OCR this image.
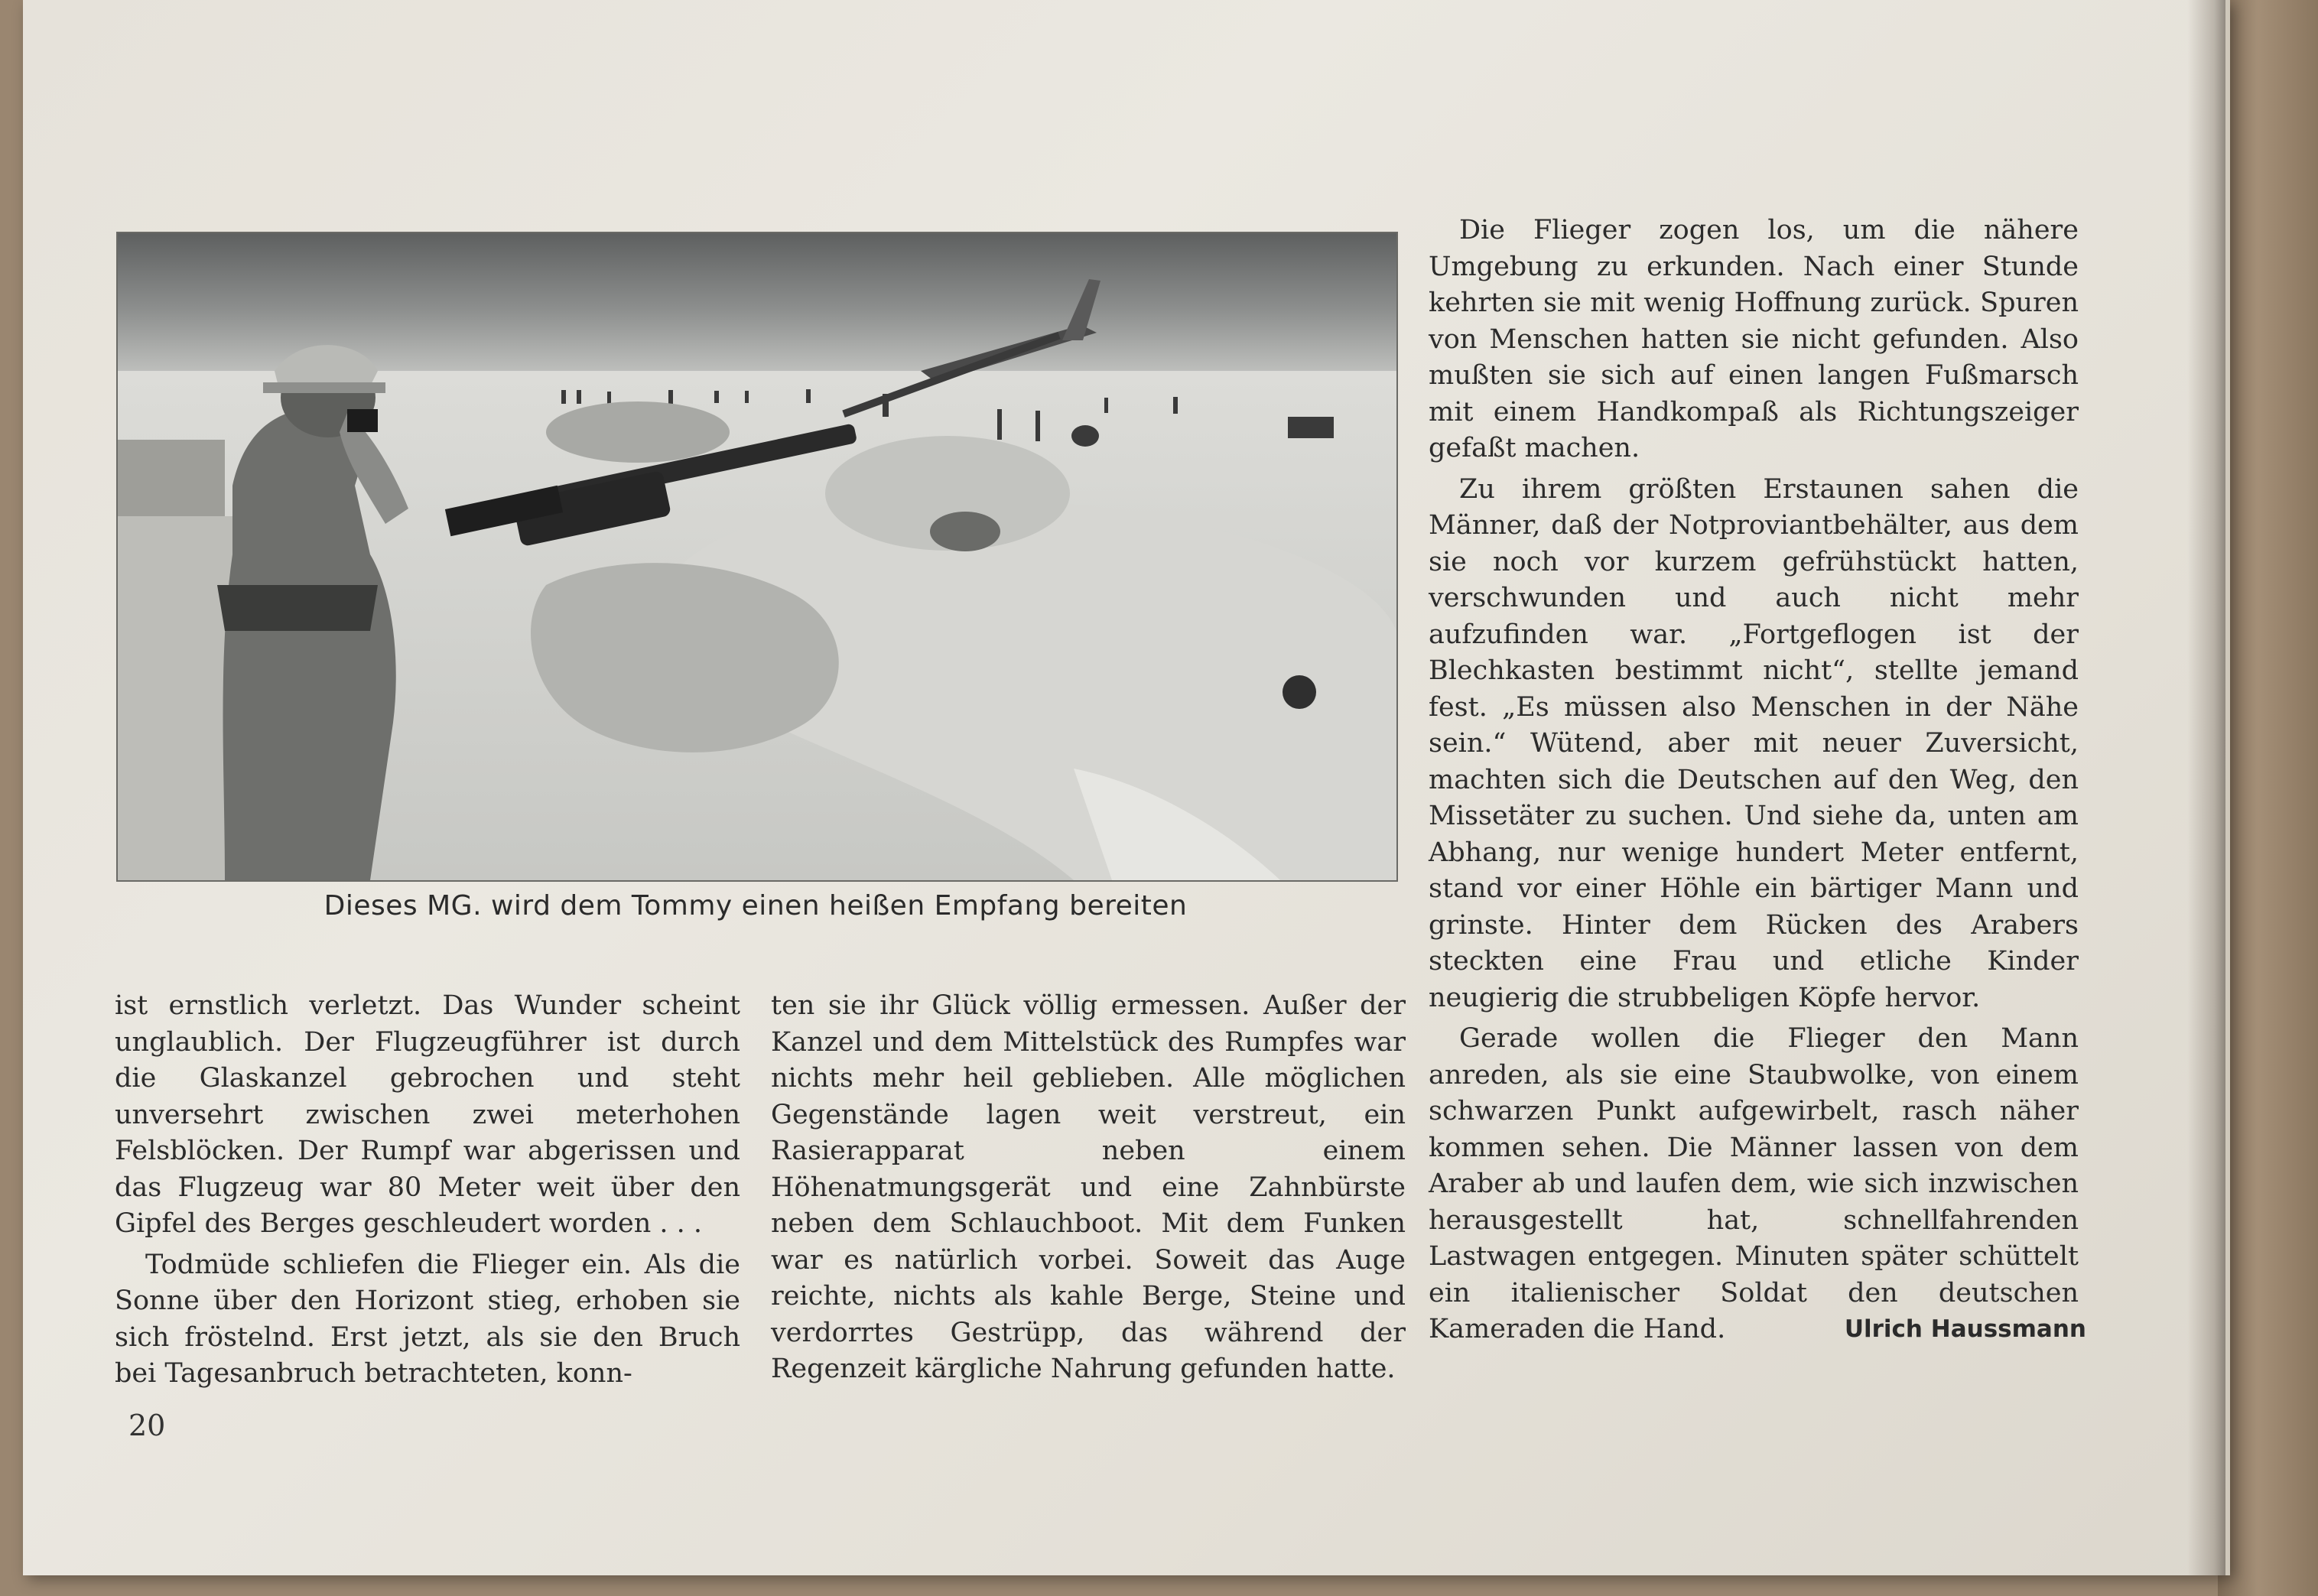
Dieses MG. wird dem Tommy einen heißen Empfang bereiten

ist ernstlich verletzt. Das Wunder scheint unglaublich. Der Flugzeugführer ist durch die Glaskanzel gebrochen und steht unversehrt zwischen zwei meterhohen Felsblöcken. Der Rumpf war abgerissen und das Flugzeug war 80 Meter weit über den Gipfel des Berges geschleudert worden . . .

Todmüde schliefen die Flieger ein. Als die Sonne über den Horizont stieg, erhoben sie sich fröstelnd. Erst jetzt, als sie den Bruch bei Tagesanbruch betrachteten, konn-

ten sie ihr Glück völlig ermessen. Außer der Kanzel und dem Mittelstück des Rumpfes war nichts mehr heil geblieben. Alle möglichen Gegenstände lagen weit verstreut, ein Rasierapparat neben einem Höhenatmungsgerät und eine Zahnbürste neben dem Schlauchboot. Mit dem Funken war es natürlich vorbei. Soweit das Auge reichte, nichts als kahle Berge, Steine und verdorrtes Gestrüpp, das während der Regenzeit kärgliche Nahrung gefunden hatte.

Die Flieger zogen los, um die nähere Umgebung zu erkunden. Nach einer Stunde kehrten sie mit wenig Hoffnung zurück. Spuren von Menschen hatten sie nicht gefunden. Also mußten sie sich auf einen langen Fußmarsch mit einem Handkompaß als Richtungszeiger gefaßt machen.

Zu ihrem größten Erstaunen sahen die Männer, daß der Notproviantbehälter, aus dem sie noch vor kurzem gefrühstückt hatten, verschwunden und auch nicht mehr aufzufinden war. „Fortgeflogen ist der Blechkasten bestimmt nicht“, stellte jemand fest. „Es müssen also Menschen in der Nähe sein.“ Wütend, aber mit neuer Zuversicht, machten sich die Deutschen auf den Weg, den Missetäter zu suchen. Und siehe da, unten am Abhang, nur wenige hundert Meter entfernt, stand vor einer Höhle ein bärtiger Mann und grinste. Hinter dem Rücken des Arabers steckten eine Frau und etliche Kinder neugierig die strubbeligen Köpfe hervor.

Gerade wollen die Flieger den Mann anreden, als sie eine Staubwolke, von einem schwarzen Punkt aufgewirbelt, rasch näher kommen sehen. Die Männer lassen von dem Araber ab und laufen dem, wie sich inzwischen herausgestellt hat, schnellfahrenden Lastwagen entgegen. Minuten später schüttelt ein italienischer Soldat den deutschen Kameraden die Hand.	Ulrich Haussmann

20
